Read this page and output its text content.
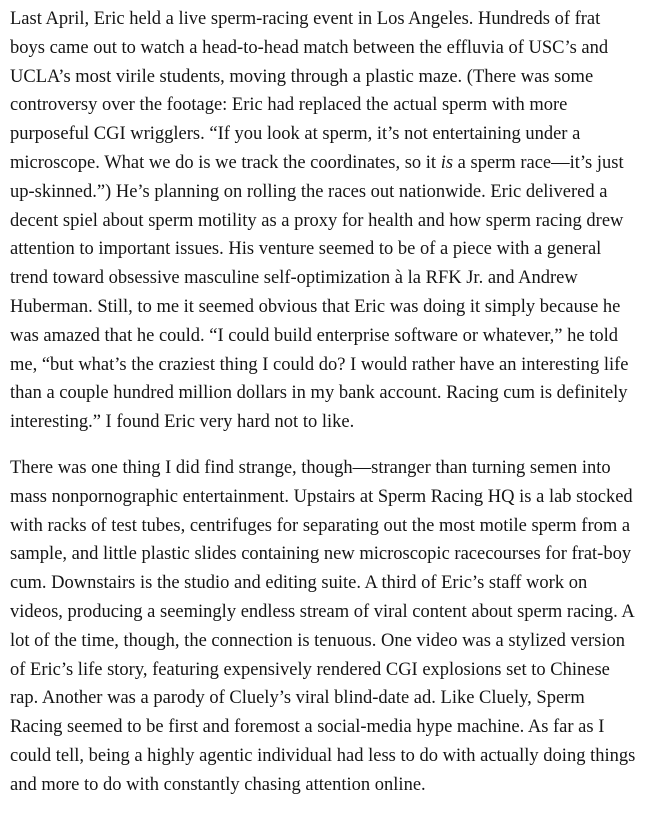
Last April, Eric held a live sperm-racing event in Los Angeles. Hundreds of frat boys came out to watch a head-to-head match between the effluvia of USC’s and UCLA’s most virile students, moving through a plastic maze. (There was some controversy over the footage: Eric had replaced the actual sperm with more purposeful CGI wrigglers. “If you look at sperm, it’s not entertaining under a microscope. What we do is we track the coordinates, so it is a sperm race—it’s just up-skinned.”) He’s planning on rolling the races out nationwide. Eric delivered a decent spiel about sperm motility as a proxy for health and how sperm racing drew attention to important issues. His venture seemed to be of a piece with a general trend toward obsessive masculine self-optimization à la RFK Jr. and Andrew Huberman. Still, to me it seemed obvious that Eric was doing it simply because he was amazed that he could. “I could build enterprise software or whatever,” he told me, “but what’s the craziest thing I could do? I would rather have an interesting life than a couple hundred million dollars in my bank account. Racing cum is definitely interesting.” I found Eric very hard not to like.

There was one thing I did find strange, though—stranger than turning semen into mass nonpornographic entertainment. Upstairs at Sperm Racing HQ is a lab stocked with racks of test tubes, centrifuges for separating out the most motile sperm from a sample, and little plastic slides containing new microscopic racecourses for frat-boy cum. Downstairs is the studio and editing suite. A third of Eric’s staff work on videos, producing a seemingly endless stream of viral content about sperm racing. A lot of the time, though, the connection is tenuous. One video was a stylized version of Eric’s life story, featuring expensively rendered CGI explosions set to Chinese rap. Another was a parody of Cluely’s viral blind-date ad. Like Cluely, Sperm Racing seemed to be first and foremost a social-media hype machine. As far as I could tell, being a highly agentic individual had less to do with actually doing things and more to do with constantly chasing attention online.
